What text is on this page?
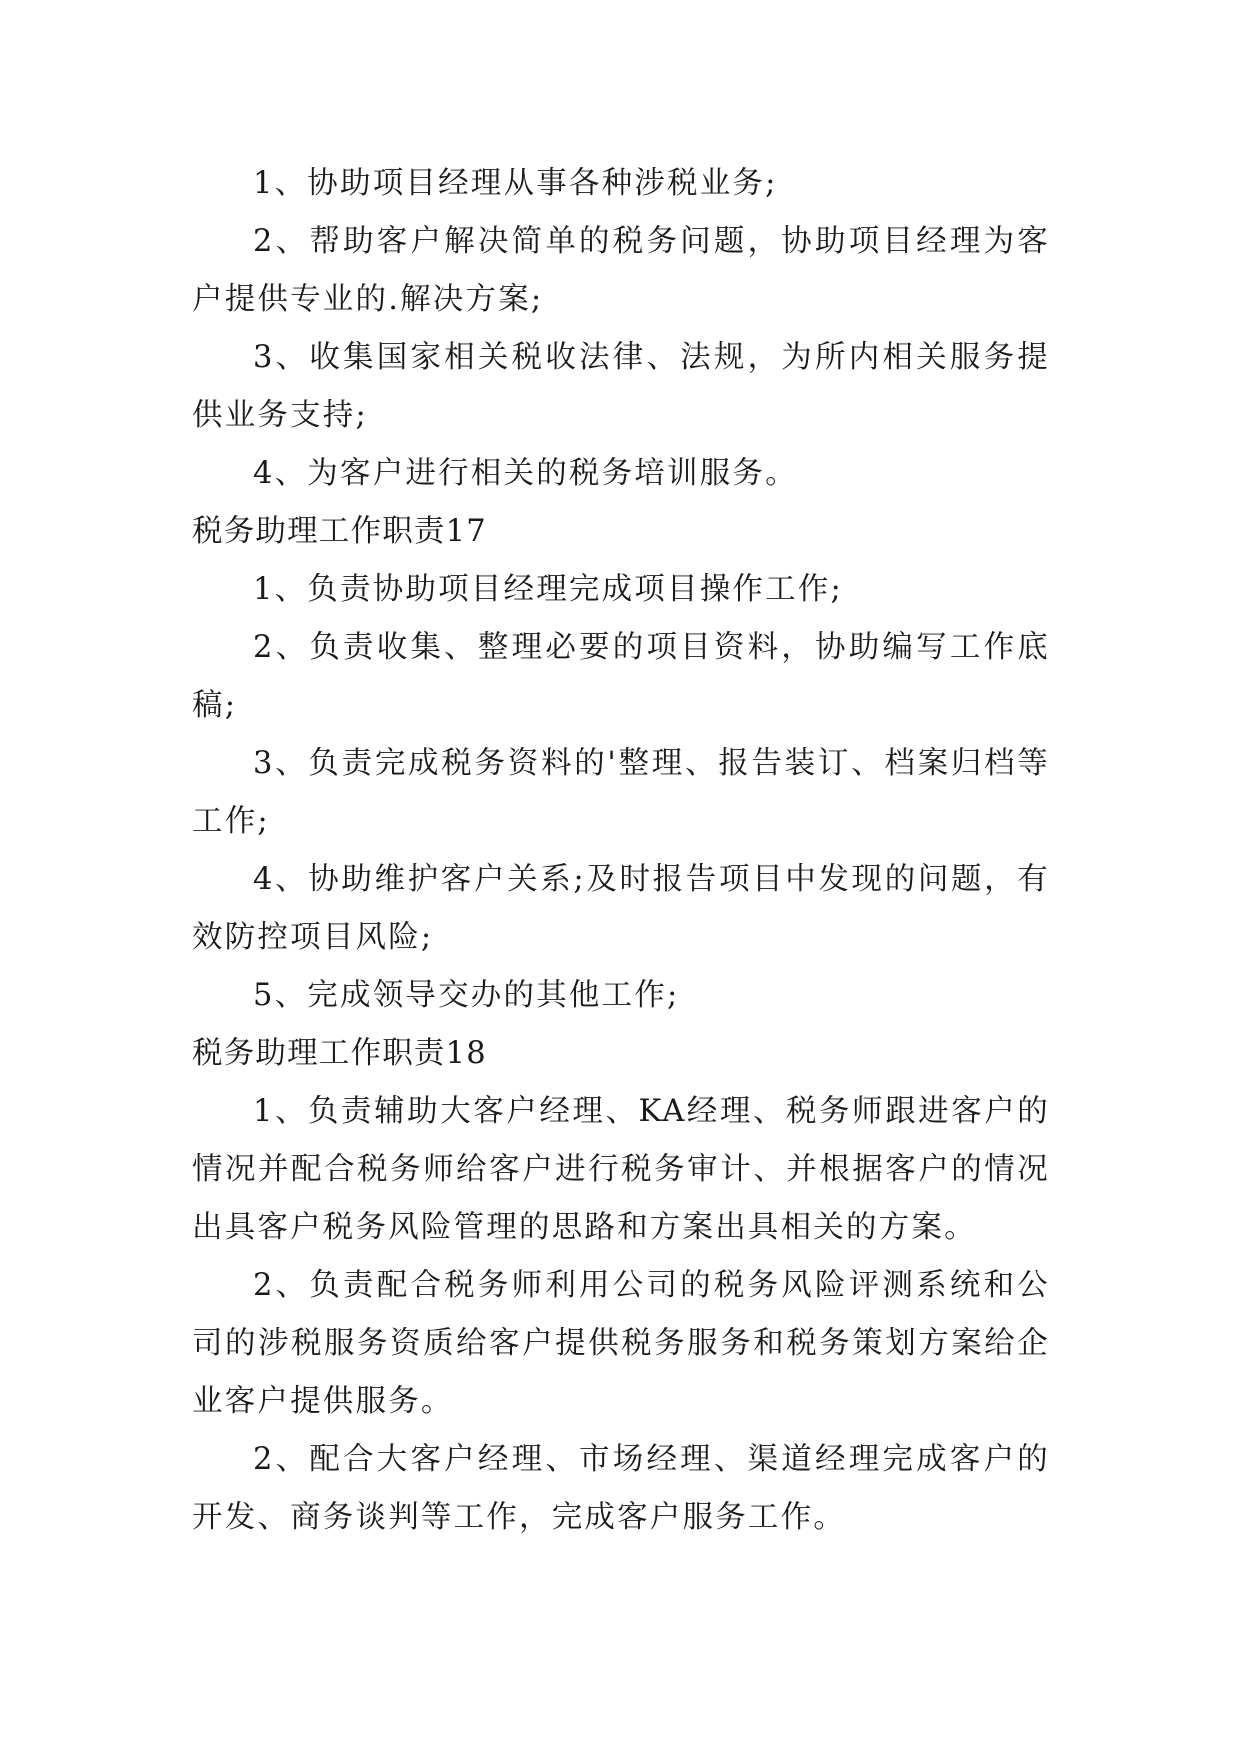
1、协助项目经理从事各种涉税业务;

2、帮助客户解决简单的税务问题，协助项目经理为客户提供专业的.解决方案;

3、收集国家相关税收法律、法规，为所内相关服务提供业务支持;

4、为客户进行相关的税务培训服务。

税务助理工作职责17

1、负责协助项目经理完成项目操作工作;

2、负责收集、整理必要的项目资料，协助编写工作底稿;

3、负责完成税务资料的'整理、报告装订、档案归档等工作;

4、协助维护客户关系;及时报告项目中发现的问题，有效防控项目风险;

5、完成领导交办的其他工作;

税务助理工作职责18

1、负责辅助大客户经理、KA经理、税务师跟进客户的情况并配合税务师给客户进行税务审计、并根据客户的情况出具客户税务风险管理的思路和方案出具相关的方案。

2、负责配合税务师利用公司的税务风险评测系统和公司的涉税服务资质给客户提供税务服务和税务策划方案给企业客户提供服务。

2、配合大客户经理、市场经理、渠道经理完成客户的开发、商务谈判等工作，完成客户服务工作。
